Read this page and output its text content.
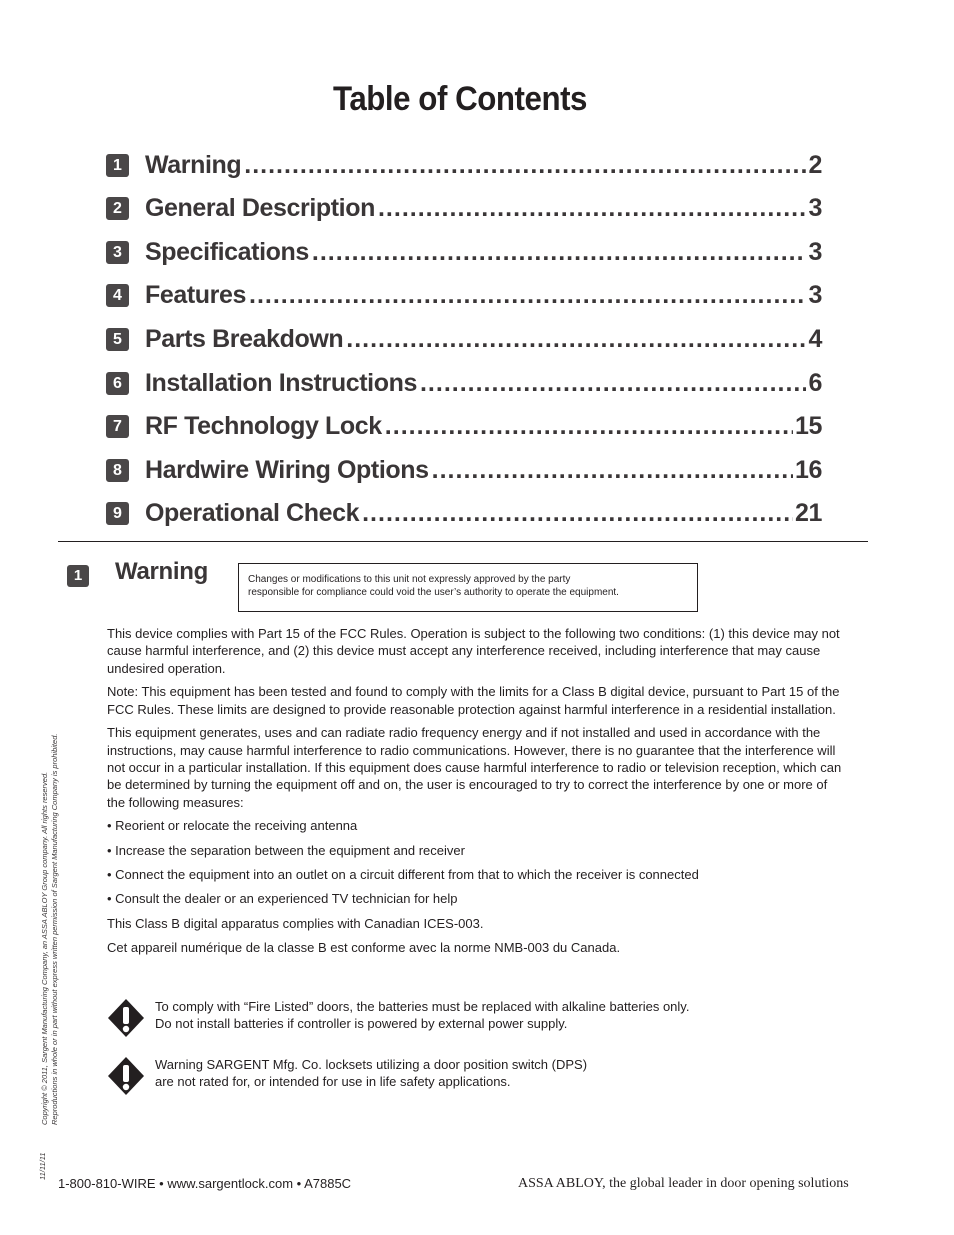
Table of Contents
1 Warning .....	2
2 General Description .....	3
3 Specifications .....	3
4 Features .....	3
5 Parts Breakdown .....	4
6 Installation Instructions .....	6
7 RF Technology Lock .....	15
8 Hardwire Wiring Options .....	16
9 Operational Check .....	21
1 Warning	Changes or modifications to this unit not expressly approved by the party
responsible for compliance could void the user’s authority to operate the equipment.

This device complies with Part 15 of the FCC Rules. Operation is subject to the following two conditions: (1) this device may not cause harmful interference, and (2) this device must accept any interference received, including interference that may cause undesired operation.

Note: This equipment has been tested and found to comply with the limits for a Class B digital device, pursuant to Part 15 of the FCC Rules. These limits are designed to provide reasonable protection against harmful interference in a residential installation.

This equipment generates, uses and can radiate radio frequency energy and if not installed and used in accordance with the instructions, may cause harmful interference to radio communications. However, there is no guarantee that the interference will not occur in a particular installation. If this equipment does cause harmful interference to radio or television reception, which can be determined by turning the equipment off and on, the user is encouraged to try to correct the interference by one or more of the following measures:

• Reorient or relocate the receiving antenna

• Increase the separation between the equipment and receiver

• Connect the equipment into an outlet on a circuit different from that to which the receiver is connected

• Consult the dealer or an experienced TV technician for help

This Class B digital apparatus complies with Canadian ICES-003.

Cet appareil numérique de la classe B est conforme avec la norme NMB-003 du Canada.

To comply with “Fire Listed” doors, the batteries must be replaced with alkaline batteries only.
Do not install batteries if controller is powered by external power supply.
Warning SARGENT Mfg. Co. locksets utilizing a door position switch (DPS)
are not rated for, or intended for use in life safety applications.
Copyright © 2011, Sargent Manufacturing Company, an ASSA ABLOY Group company. All rights reserved. Reproductions in whole or in part without express written permission of Sargent Manufacturing Company is prohibited.
11/11/11
1-800-810-WIRE • www.sargentlock.com • A7885C	ASSA ABLOY, the global leader in door opening solutions
